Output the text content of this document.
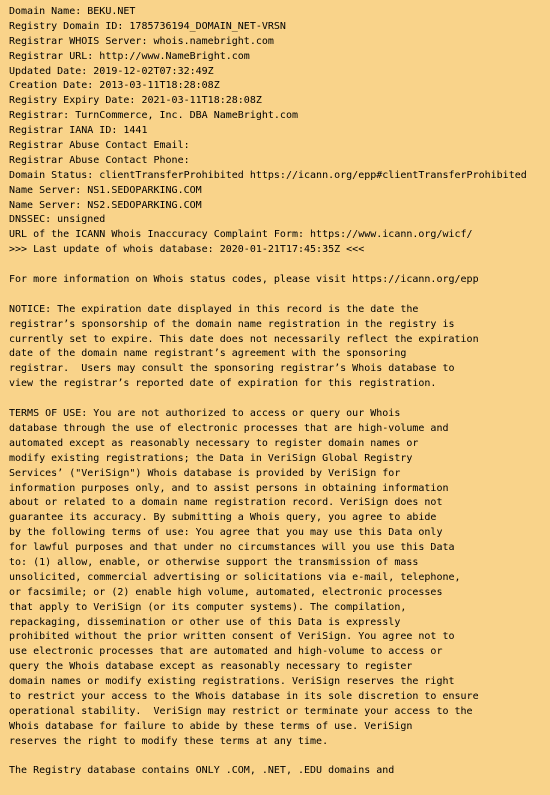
Domain Name: BEKU.NET
Registry Domain ID: 1785736194_DOMAIN_NET-VRSN
Registrar WHOIS Server: whois.namebright.com
Registrar URL: http://www.NameBright.com
Updated Date: 2019-12-02T07:32:49Z
Creation Date: 2013-03-11T18:28:08Z
Registry Expiry Date: 2021-03-11T18:28:08Z
Registrar: TurnCommerce, Inc. DBA NameBright.com
Registrar IANA ID: 1441
Registrar Abuse Contact Email:
Registrar Abuse Contact Phone:
Domain Status: clientTransferProhibited https://icann.org/epp#clientTransferProhibited
Name Server: NS1.SEDOPARKING.COM
Name Server: NS2.SEDOPARKING.COM
DNSSEC: unsigned
URL of the ICANN Whois Inaccuracy Complaint Form: https://www.icann.org/wicf/
>>> Last update of whois database: 2020-01-21T17:45:35Z <<<
For more information on Whois status codes, please visit https://icann.org/epp
NOTICE: The expiration date displayed in this record is the date the
registrar’s sponsorship of the domain name registration in the registry is
currently set to expire. This date does not necessarily reflect the expiration
date of the domain name registrant’s agreement with the sponsoring
registrar.  Users may consult the sponsoring registrar’s Whois database to
view the registrar’s reported date of expiration for this registration.
TERMS OF USE: You are not authorized to access or query our Whois
database through the use of electronic processes that are high-volume and
automated except as reasonably necessary to register domain names or
modify existing registrations; the Data in VeriSign Global Registry
Services’ ("VeriSign") Whois database is provided by VeriSign for
information purposes only, and to assist persons in obtaining information
about or related to a domain name registration record. VeriSign does not
guarantee its accuracy. By submitting a Whois query, you agree to abide
by the following terms of use: You agree that you may use this Data only
for lawful purposes and that under no circumstances will you use this Data
to: (1) allow, enable, or otherwise support the transmission of mass
unsolicited, commercial advertising or solicitations via e-mail, telephone,
or facsimile; or (2) enable high volume, automated, electronic processes
that apply to VeriSign (or its computer systems). The compilation,
repackaging, dissemination or other use of this Data is expressly
prohibited without the prior written consent of VeriSign. You agree not to
use electronic processes that are automated and high-volume to access or
query the Whois database except as reasonably necessary to register
domain names or modify existing registrations. VeriSign reserves the right
to restrict your access to the Whois database in its sole discretion to ensure
operational stability.  VeriSign may restrict or terminate your access to the
Whois database for failure to abide by these terms of use. VeriSign
reserves the right to modify these terms at any time.
The Registry database contains ONLY .COM, .NET, .EDU domains and
